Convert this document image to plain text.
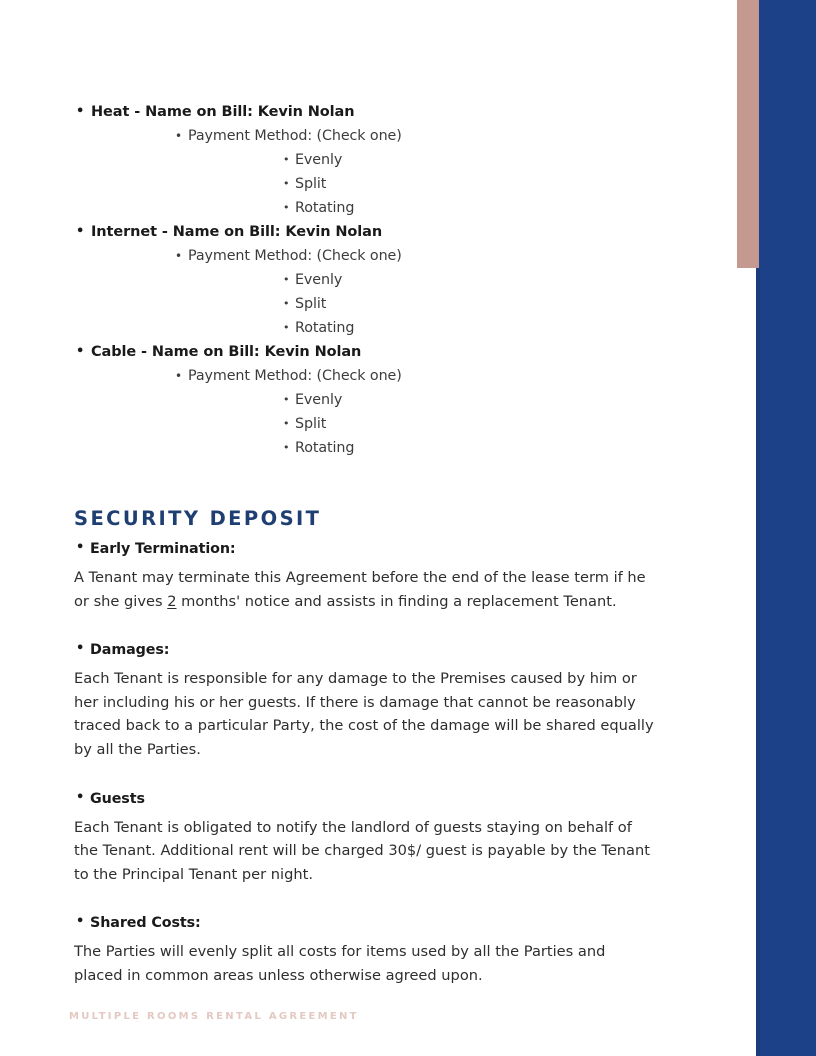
• Heat - Name on Bill: Kevin Nolan
• Payment Method: (Check one)
• Evenly
• Split
• Rotating
• Internet - Name on Bill: Kevin Nolan
• Payment Method: (Check one)
• Evenly
• Split
• Rotating
• Cable - Name on Bill: Kevin Nolan
• Payment Method: (Check one)
• Evenly
• Split
• Rotating
SECURITY DEPOSIT
• Early Termination:
A Tenant may terminate this Agreement before the end of the lease term if he or she gives 2 months' notice and assists in finding a replacement Tenant.
• Damages:
Each Tenant is responsible for any damage to the Premises caused by him or her including his or her guests. If there is damage that cannot be reasonably traced back to a particular Party, the cost of the damage will be shared equally by all the Parties.
• Guests
Each Tenant is obligated to notify the landlord of guests staying on behalf of the Tenant. Additional rent will be charged 30$/ guest is payable by the Tenant to the Principal Tenant per night.
• Shared Costs:
The Parties will evenly split all costs for items used by all the Parties and placed in common areas unless otherwise agreed upon.
MULTIPLE ROOMS RENTAL AGREEMENT
